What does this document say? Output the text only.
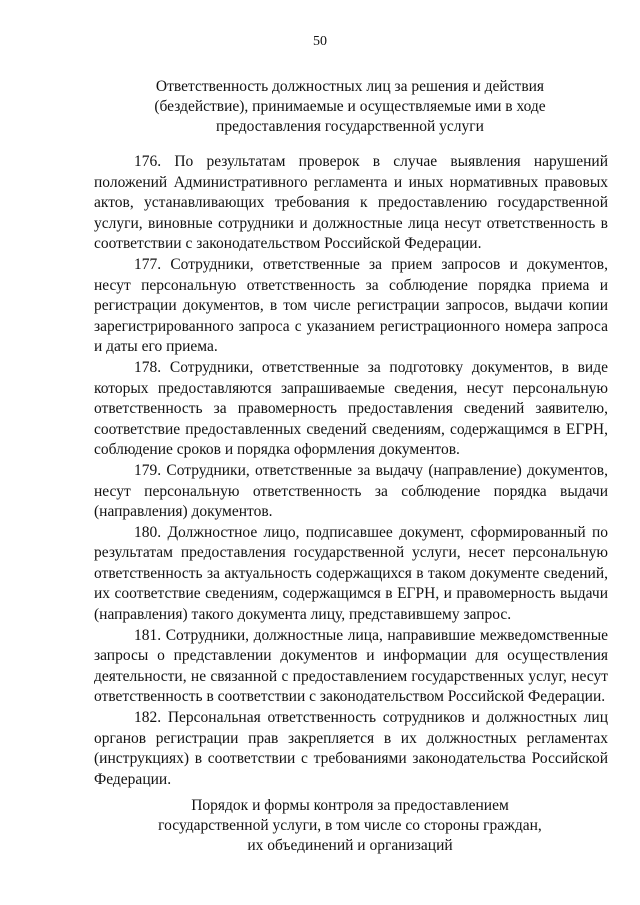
50
Ответственность должностных лиц за решения и действия
(бездействие), принимаемые и осуществляемые ими в ходе
предоставления государственной услуги

176. По результатам проверок в случае выявления нарушений положений Административного регламента и иных нормативных правовых актов, устанавливающих требования к предоставлению государственной услуги, виновные сотрудники и должностные лица несут ответственность в соответствии с законодательством Российской Федерации.

177. Сотрудники, ответственные за прием запросов и документов, несут персональную ответственность за соблюдение порядка приема и регистрации документов, в том числе регистрации запросов, выдачи копии зарегистрированного запроса с указанием регистрационного номера запроса и даты его приема.

178. Сотрудники, ответственные за подготовку документов, в виде которых предоставляются запрашиваемые сведения, несут персональную ответственность за правомерность предоставления сведений заявителю, соответствие предоставленных сведений сведениям, содержащимся в ЕГРН, соблюдение сроков и порядка оформления документов.

179. Сотрудники, ответственные за выдачу (направление) документов, несут персональную ответственность за соблюдение порядка выдачи (направления) документов.

180. Должностное лицо, подписавшее документ, сформированный по результатам предоставления государственной услуги, несет персональную ответственность за актуальность содержащихся в таком документе сведений, их соответствие сведениям, содержащимся в ЕГРН, и правомерность выдачи (направления) такого документа лицу, представившему запрос.

181. Сотрудники, должностные лица, направившие межведомственные запросы о представлении документов и информации для осуществления деятельности, не связанной с предоставлением государственных услуг, несут ответственность в соответствии с законодательством Российской Федерации.

182. Персональная ответственность сотрудников и должностных лиц органов регистрации прав закрепляется в их должностных регламентах (инструкциях) в соответствии с требованиями законодательства Российской Федерации.

Порядок и формы контроля за предоставлением
государственной услуги, в том числе со стороны граждан,
их объединений и организаций
